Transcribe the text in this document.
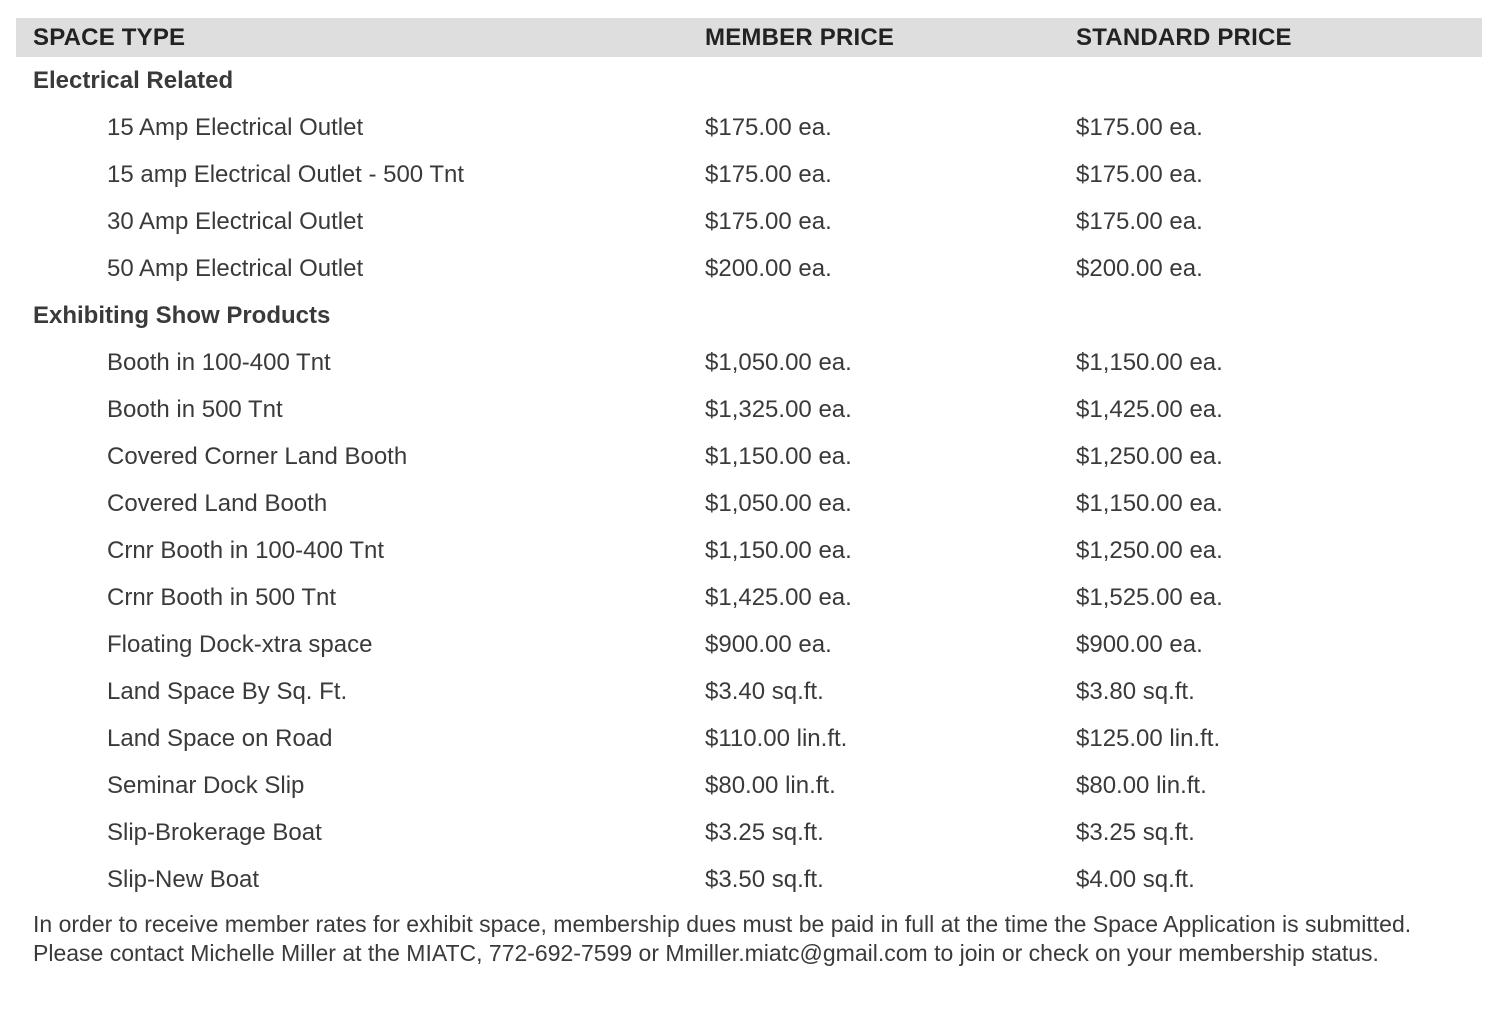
SPACE TYPE	MEMBER PRICE	STANDARD PRICE
Electrical Related		
15 Amp Electrical Outlet	$175.00 ea.	$175.00 ea.
15 amp Electrical Outlet - 500 Tnt	$175.00 ea.	$175.00 ea.
30 Amp Electrical Outlet	$175.00 ea.	$175.00 ea.
50 Amp Electrical Outlet	$200.00 ea.	$200.00 ea.
Exhibiting Show Products		
Booth in 100-400 Tnt	$1,050.00 ea.	$1,150.00 ea.
Booth in 500 Tnt	$1,325.00 ea.	$1,425.00 ea.
Covered Corner Land Booth	$1,150.00 ea.	$1,250.00 ea.
Covered Land Booth	$1,050.00 ea.	$1,150.00 ea.
Crnr Booth in 100-400 Tnt	$1,150.00 ea.	$1,250.00 ea.
Crnr Booth in 500 Tnt	$1,425.00 ea.	$1,525.00 ea.
Floating Dock-xtra space	$900.00 ea.	$900.00 ea.
Land Space By Sq. Ft.	$3.40 sq.ft.	$3.80 sq.ft.
Land Space on Road	$110.00 lin.ft.	$125.00 lin.ft.
Seminar Dock Slip	$80.00 lin.ft.	$80.00 lin.ft.
Slip-Brokerage Boat	$3.25 sq.ft.	$3.25 sq.ft.
Slip-New Boat	$3.50 sq.ft.	$4.00 sq.ft.
In order to receive member rates for exhibit space, membership dues must be paid in full at the time the Space Application is submitted. Please contact Michelle Miller at the MIATC, 772-692-7599 or Mmiller.miatc@gmail.com to join or check on your membership status.
